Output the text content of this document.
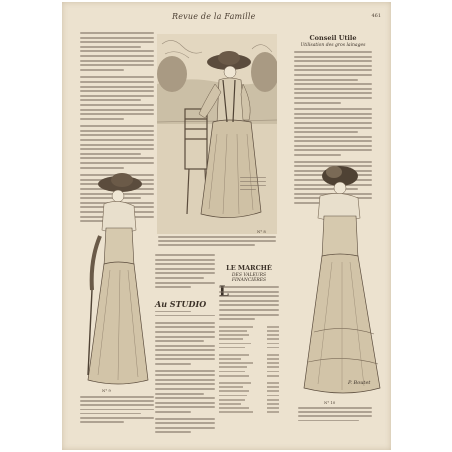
Revue de la Famille	461
N° 8
Conseil Utile
Utilisation des gros lainages
N° 9
Au STUDIO
LE MARCHÉ
DES VALEURS FINANCIÈRES
P. Boutet
N° 10
